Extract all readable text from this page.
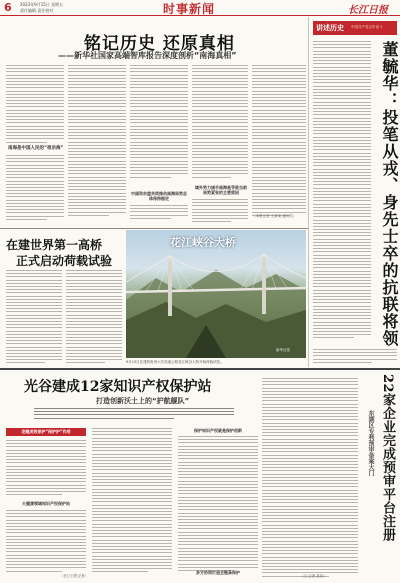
6 2023年9月15日 星期五
责任编辑 责任校对	时事新闻	长江日报
铭记历史 还原真相
——新华社国家高端智库报告深度剖析“南海真相”
南海是中国人民的“祖宗海”
中国和东盟共同推动南海局势总体保持稳定
域外势力插手南海是导致当前局势紧张的主要原因
讲述历史 中国共产党百年奋斗
董毓华：投笔从戎、身先士卒的抗联将领
（本报记者 王某某 通讯员）
在建世界第一高桥
正式启动荷载试验
花江峡谷大桥
新华社发
9月15日在建的贵州六安高速公路花江峡谷大桥开始荷载试验。
光谷建成12家知识产权保护站
打造创新沃土上的“护航舰队”
老题成效保护“保护护”作用
大健康领域知识产权保护站
保护知识产权就是保护创新
多方协同打造全链条保护
（长江日报记者）	（文 记者 某某）
22家企业完成预审平台注册
东湖区专利预审备案大门
